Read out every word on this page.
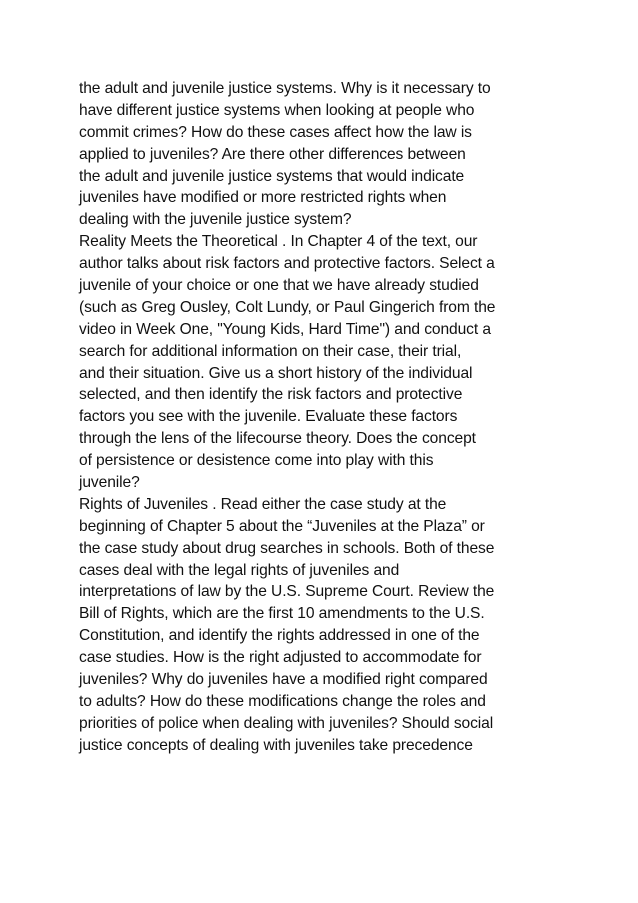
the adult and juvenile justice systems. Why is it necessary to
have different justice systems when looking at people who
commit crimes? How do these cases affect how the law is
applied to juveniles? Are there other differences between
the adult and juvenile justice systems that would indicate
juveniles have modified or more restricted rights when
dealing with the juvenile justice system?
Reality Meets the Theoretical . In Chapter 4 of the text, our
author talks about risk factors and protective factors. Select a
juvenile of your choice or one that we have already studied
(such as Greg Ousley, Colt Lundy, or Paul Gingerich from the
video in Week One, "Young Kids, Hard Time") and conduct a
search for additional information on their case, their trial,
and their situation. Give us a short history of the individual
selected, and then identify the risk factors and protective
factors you see with the juvenile. Evaluate these factors
through the lens of the lifecourse theory. Does the concept
of persistence or desistence come into play with this
juvenile?
Rights of Juveniles . Read either the case study at the
beginning of Chapter 5 about the “Juveniles at the Plaza” or
the case study about drug searches in schools. Both of these
cases deal with the legal rights of juveniles and
interpretations of law by the U.S. Supreme Court. Review the
Bill of Rights, which are the first 10 amendments to the U.S.
Constitution, and identify the rights addressed in one of the
case studies. How is the right adjusted to accommodate for
juveniles? Why do juveniles have a modified right compared
to adults? How do these modifications change the roles and
priorities of police when dealing with juveniles? Should social
justice concepts of dealing with juveniles take precedence
